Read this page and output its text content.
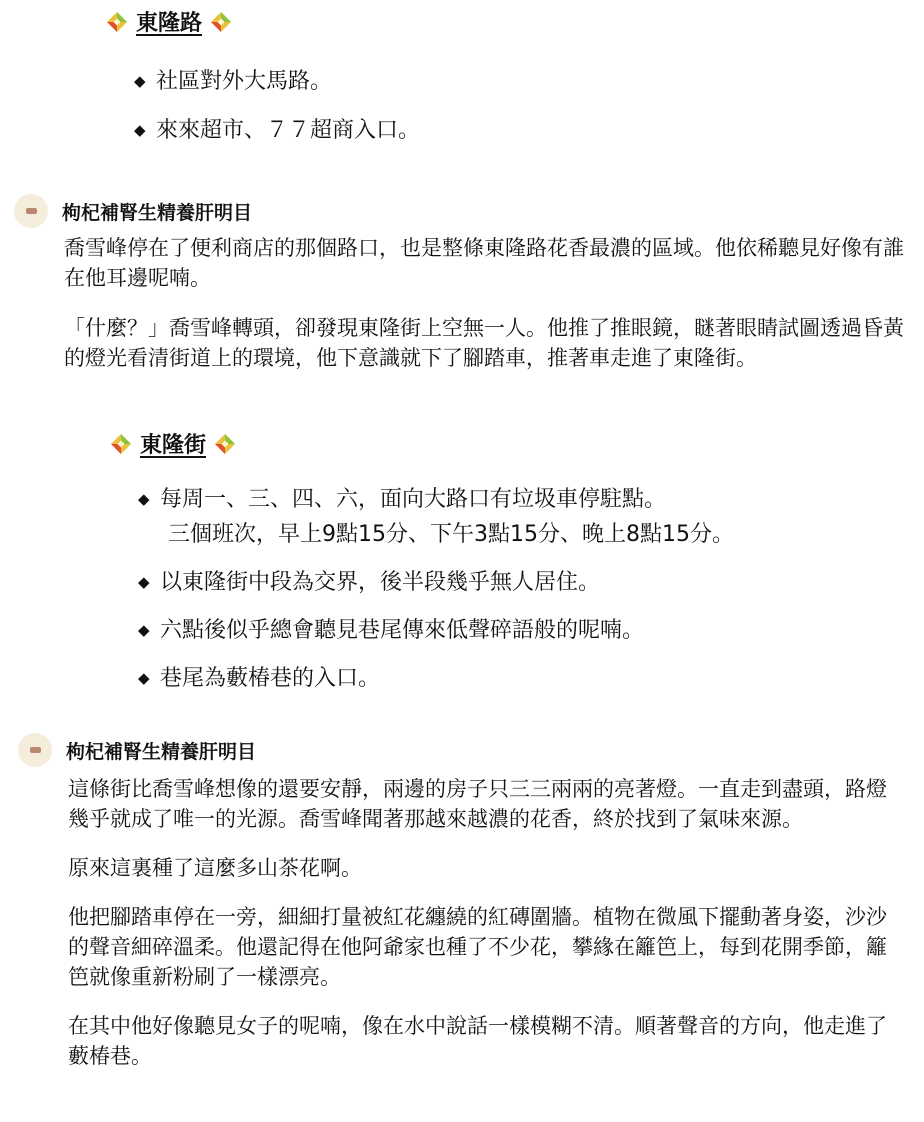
東隆路
◆ 社區對外大馬路。
◆ 來來超市、７７超商入口。
枸杞補腎生精養肝明目

喬雪峰停在了便利商店的那個路口，也是整條東隆路花香最濃的區域。他依稀聽見好像有誰在他耳邊呢喃。

「什麼？」喬雪峰轉頭，卻發現東隆街上空無一人。他推了推眼鏡，瞇著眼睛試圖透過昏黃的燈光看清街道上的環境，他下意識就下了腳踏車，推著車走進了東隆街。

東隆街
◆ 每周一、三、四、六，面向大路口有垃圾車停駐點。
三個班次，早上9點15分、下午3點15分、晚上8點15分。
◆ 以東隆街中段為交界，後半段幾乎無人居住。
◆ 六點後似乎總會聽見巷尾傳來低聲碎語般的呢喃。
◆ 巷尾為藪椿巷的入口。
枸杞補腎生精養肝明目

這條街比喬雪峰想像的還要安靜，兩邊的房子只三三兩兩的亮著燈。一直走到盡頭，路燈幾乎就成了唯一的光源。喬雪峰聞著那越來越濃的花香，終於找到了氣味來源。

原來這裏種了這麼多山茶花啊。

他把腳踏車停在一旁，細細打量被紅花纏繞的紅磚圍牆。植物在微風下擺動著身姿，沙沙的聲音細碎溫柔。他還記得在他阿爺家也種了不少花，攀緣在籬笆上，每到花開季節，籬笆就像重新粉刷了一樣漂亮。

在其中他好像聽見女子的呢喃，像在水中說話一樣模糊不清。順著聲音的方向，他走進了藪椿巷。
